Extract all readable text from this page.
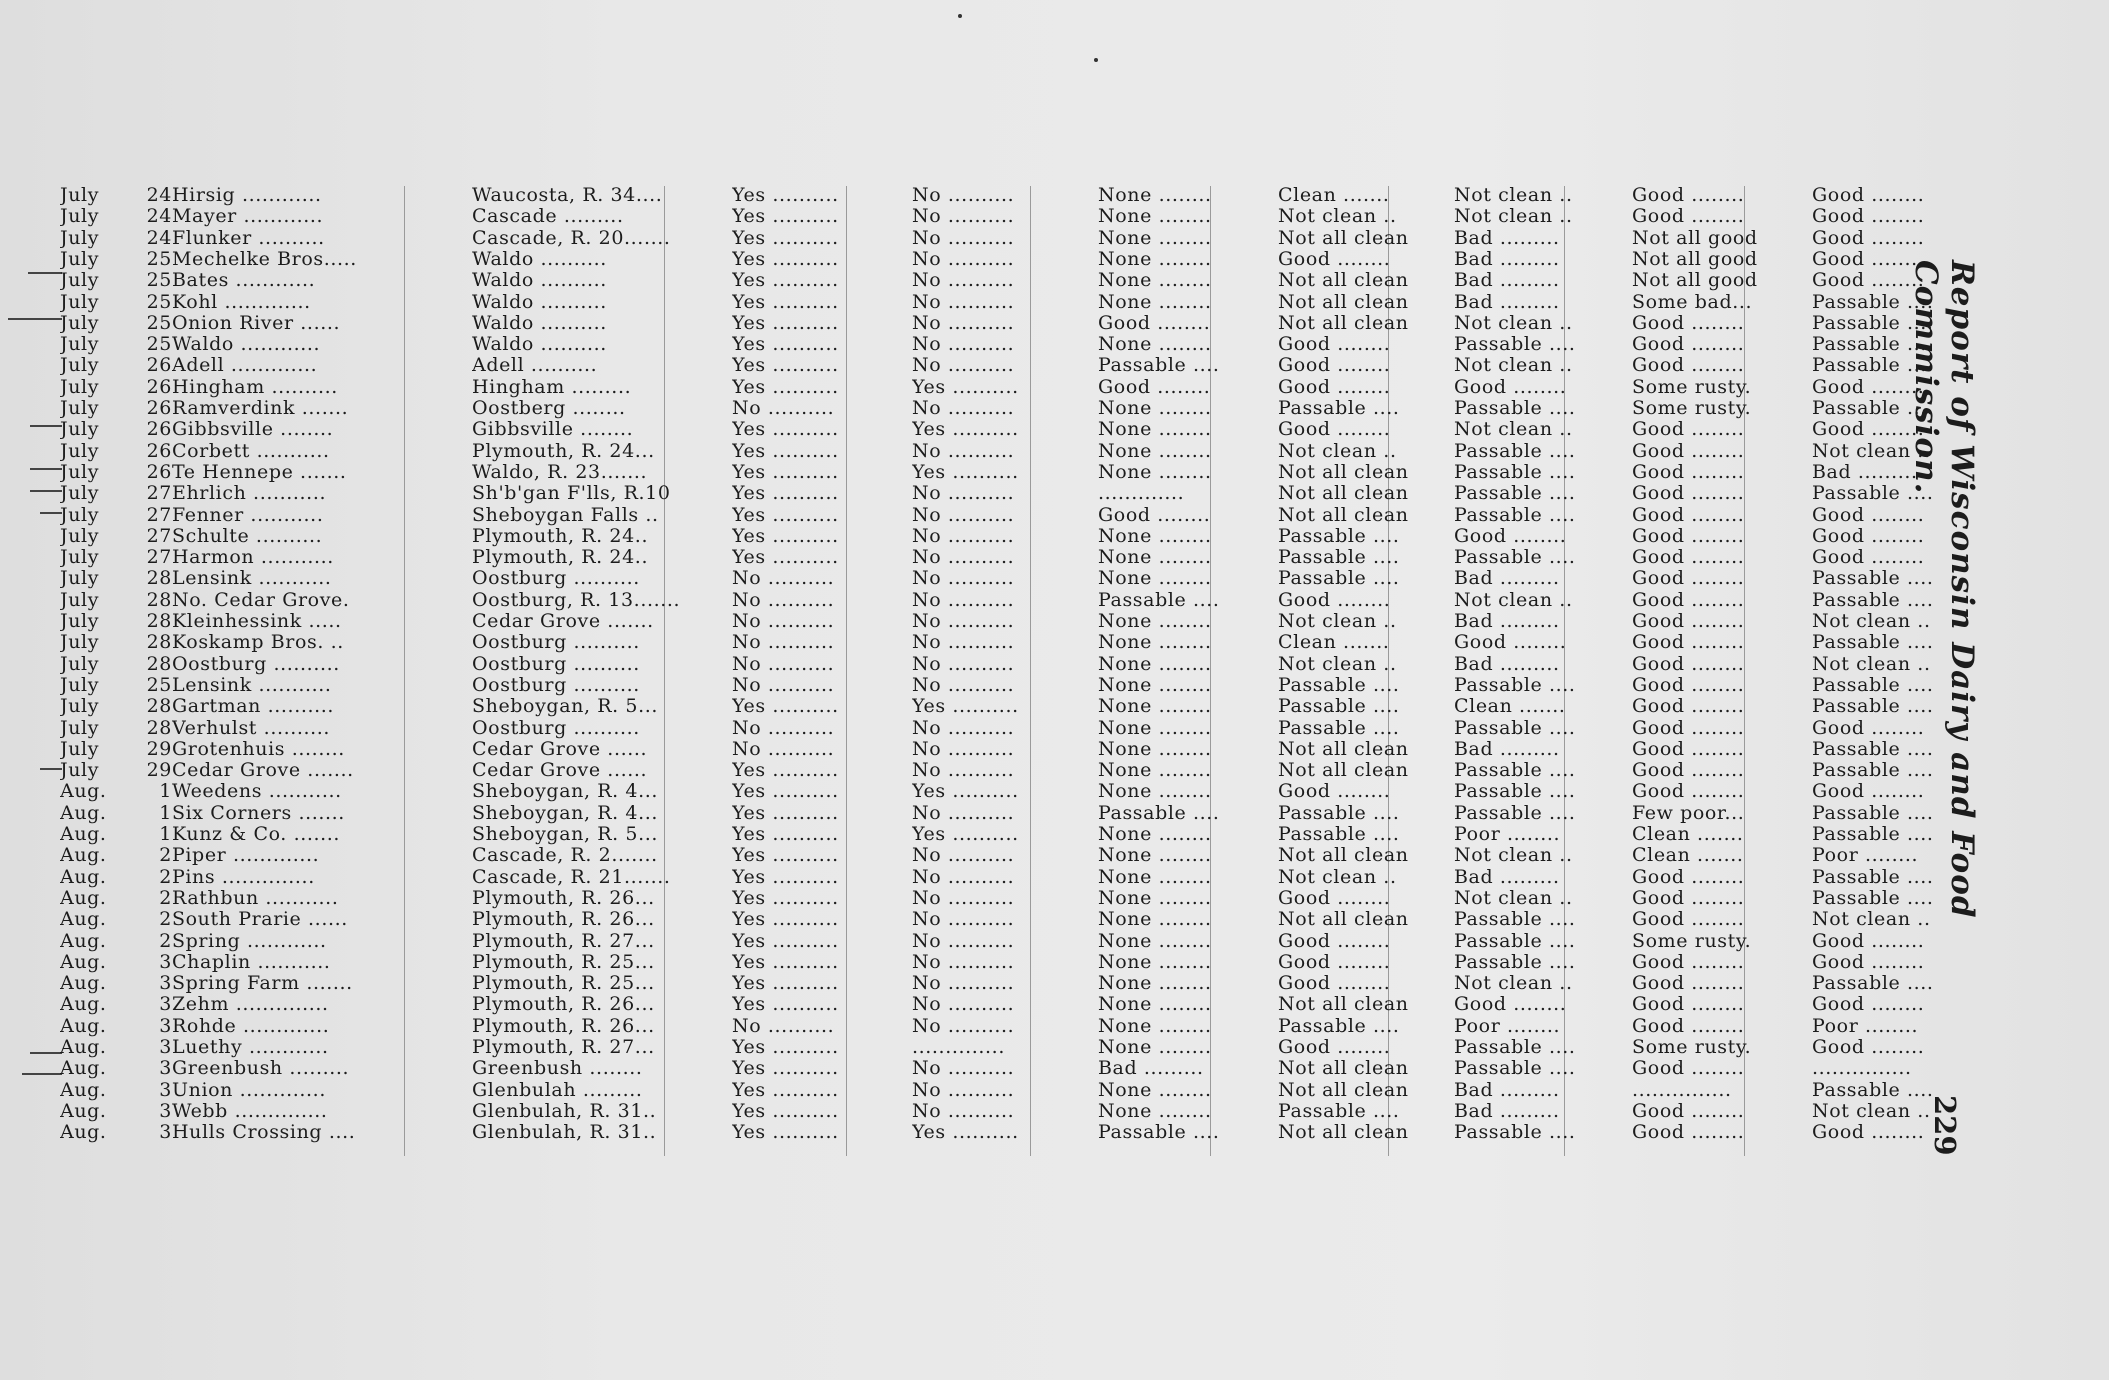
July	24 Hirsig ............	Waucosta, R. 34....	Yes ..........	No ..........	None ........	Clean .......	Not clean ..	Good ........	Good ........
July	24 Mayer ............	Cascade .........	Yes ..........	No ..........	None ........	Not clean ..	Not clean ..	Good ........	Good ........
July	24 Flunker ..........	Cascade, R. 20.......	Yes ..........	No ..........	None ........	Not all clean	Bad .........	Not all good	Good ........
July	25 Mechelke Bros.....	Waldo ..........	Yes ..........	No ..........	None ........	Good ........	Bad .........	Not all good	Good ........
July	25 Bates ............	Waldo ..........	Yes ..........	No ..........	None ........	Not all clean	Bad .........	Not all good	Good ........
July	25 Kohl .............	Waldo ..........	Yes ..........	No ..........	None ........	Not all clean	Bad .........	Some bad...	Passable ....
July	25 Onion River ......	Waldo ..........	Yes ..........	No ..........	Good ........	Not all clean	Not clean ..	Good ........	Passable ....
July	25 Waldo ............	Waldo ..........	Yes ..........	No ..........	None ........	Good ........	Passable ....	Good ........	Passable ....
July	26 Adell .............	Adell ..........	Yes ..........	No ..........	Passable ....	Good ........	Not clean ..	Good ........	Passable ....
July	26 Hingham ..........	Hingham .........	Yes ..........	Yes ..........	Good ........	Good ........	Good ........	Some rusty.	Good ........
July	26 Ramverdink .......	Oostberg ........	No ..........	No ..........	None ........	Passable ....	Passable ....	Some rusty.	Passable ....
July	26 Gibbsville ........	Gibbsville ........	Yes ..........	Yes ..........	None ........	Good ........	Not clean ..	Good ........	Good ........
July	26 Corbett ...........	Plymouth, R. 24...	Yes ..........	No ..........	None ........	Not clean ..	Passable ....	Good ........	Not clean ..
July	26 Te Hennepe .......	Waldo, R. 23.......	Yes ..........	Yes ..........	None ........	Not all clean	Passable ....	Good ........	Bad .........
July	27 Ehrlich ...........	Sh'b'gan F'lls, R.10	Yes ..........	No ..........	.............	Not all clean	Passable ....	Good ........	Passable ....
July	27 Fenner ...........	Sheboygan Falls ..	Yes ..........	No ..........	Good ........	Not all clean	Passable ....	Good ........	Good ........
July	27 Schulte ..........	Plymouth, R. 24..	Yes ..........	No ..........	None ........	Passable ....	Good ........	Good ........	Good ........
July	27 Harmon ...........	Plymouth, R. 24..	Yes ..........	No ..........	None ........	Passable ....	Passable ....	Good ........	Good ........
July	28 Lensink ...........	Oostburg ..........	No ..........	No ..........	None ........	Passable ....	Bad .........	Good ........	Passable ....
July	28 No. Cedar Grove.	Oostburg, R. 13.......	No ..........	No ..........	Passable ....	Good ........	Not clean ..	Good ........	Passable ....
July	28 Kleinhessink .....	Cedar Grove .......	No ..........	No ..........	None ........	Not clean ..	Bad .........	Good ........	Not clean ..
July	28 Koskamp Bros. ..	Oostburg ..........	No ..........	No ..........	None ........	Clean .......	Good ........	Good ........	Passable ....
July	28 Oostburg ..........	Oostburg ..........	No ..........	No ..........	None ........	Not clean ..	Bad .........	Good ........	Not clean ..
July	25 Lensink ...........	Oostburg ..........	No ..........	No ..........	None ........	Passable ....	Passable ....	Good ........	Passable ....
July	28 Gartman ..........	Sheboygan, R. 5...	Yes ..........	Yes ..........	None ........	Passable ....	Clean .......	Good ........	Passable ....
July	28 Verhulst ..........	Oostburg ..........	No ..........	No ..........	None ........	Passable ....	Passable ....	Good ........	Good ........
July	29 Grotenhuis ........	Cedar Grove ......	No ..........	No ..........	None ........	Not all clean	Bad .........	Good ........	Passable ....
July	29 Cedar Grove .......	Cedar Grove ......	Yes ..........	No ..........	None ........	Not all clean	Passable ....	Good ........	Passable ....
Aug.	1 Weedens ...........	Sheboygan, R. 4...	Yes ..........	Yes ..........	None ........	Good ........	Passable ....	Good ........	Good ........
Aug.	1 Six Corners .......	Sheboygan, R. 4...	Yes ..........	No ..........	Passable ....	Passable ....	Passable ....	Few poor...	Passable ....
Aug.	1 Kunz & Co. .......	Sheboygan, R. 5...	Yes ..........	Yes ..........	None ........	Passable ....	Poor ........	Clean .......	Passable ....
Aug.	2 Piper .............	Cascade, R. 2.......	Yes ..........	No ..........	None ........	Not all clean	Not clean ..	Clean .......	Poor ........
Aug.	2 Pins ..............	Cascade, R. 21.......	Yes ..........	No ..........	None ........	Not clean ..	Bad .........	Good ........	Passable ....
Aug.	2 Rathbun ...........	Plymouth, R. 26...	Yes ..........	No ..........	None ........	Good ........	Not clean ..	Good ........	Passable ....
Aug.	2 South Prarie ......	Plymouth, R. 26...	Yes ..........	No ..........	None ........	Not all clean	Passable ....	Good ........	Not clean ..
Aug.	2 Spring ............	Plymouth, R. 27...	Yes ..........	No ..........	None ........	Good ........	Passable ....	Some rusty.	Good ........
Aug.	3 Chaplin ...........	Plymouth, R. 25...	Yes ..........	No ..........	None ........	Good ........	Passable ....	Good ........	Good ........
Aug.	3 Spring Farm .......	Plymouth, R. 25...	Yes ..........	No ..........	None ........	Good ........	Not clean ..	Good ........	Passable ....
Aug.	3 Zehm ..............	Plymouth, R. 26...	Yes ..........	No ..........	None ........	Not all clean	Good ........	Good ........	Good ........
Aug.	3 Rohde .............	Plymouth, R. 26...	No ..........	No ..........	None ........	Passable ....	Poor ........	Good ........	Poor ........
Aug.	3 Luethy ............	Plymouth, R. 27...	Yes ..........	..............	None ........	Good ........	Passable ....	Some rusty.	Good ........
Aug.	3 Greenbush .........	Greenbush ........	Yes ..........	No ..........	Bad .........	Not all clean	Passable ....	Good ........	...............
Aug.	3 Union .............	Glenbulah .........	Yes ..........	No ..........	None ........	Not all clean	Bad .........	...............	Passable ....
Aug.	3 Webb ..............	Glenbulah, R. 31..	Yes ..........	No ..........	None ........	Passable ....	Bad .........	Good ........	Not clean ..
Aug.	3 Hulls Crossing ....	Glenbulah, R. 31..	Yes ..........	Yes ..........	Passable ....	Not all clean	Passable ....	Good ........	Good ........
Report of Wisconsin Dairy and Food Commission.
229
